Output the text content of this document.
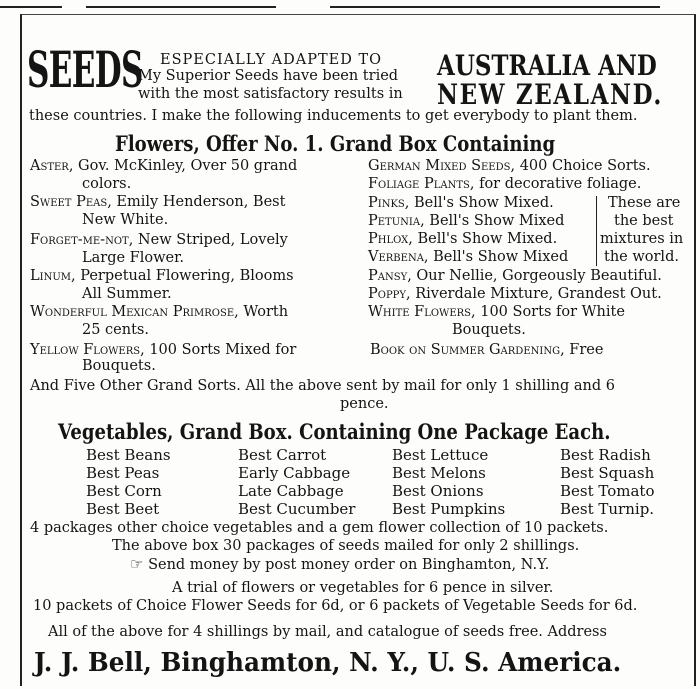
SEEDS ESPECIALLY ADAPTED TO
My Superior Seeds have been tried
with the most satisfactory results in
AUSTRALIA AND
NEW ZEALAND.
these countries. I make the following inducements to get everybody to plant them.
Flowers, Offer No. 1. Grand Box Containing
Aster, Gov. McKinley, Over 50 grand
colors.
Sweet Peas, Emily Henderson, Best
New White.
Forget-me-not, New Striped, Lovely
Large Flower.
Linum, Perpetual Flowering, Blooms
All Summer.
Wonderful Mexican Primrose, Worth
25 cents.
Yellow Flowers, 100 Sorts Mixed for
Bouquets.
German Mixed Seeds, 400 Choice Sorts.
Foliage Plants, for decorative foliage.
Pinks, Bell's Show Mixed.
Petunia, Bell's Show Mixed
Phlox, Bell's Show Mixed.
Verbena, Bell's Show Mixed
These are
the best
mixtures in
the world.
Pansy, Our Nellie, Gorgeously Beautiful.
Poppy, Riverdale Mixture, Grandest Out.
White Flowers, 100 Sorts for White
Bouquets.
Book on Summer Gardening, Free
And Five Other Grand Sorts. All the above sent by mail for only 1 shilling and 6
pence.
Vegetables, Grand Box. Containing One Package Each.
Best Beans
Best Peas
Best Corn
Best Beet
Best Carrot
Early Cabbage
Late Cabbage
Best Cucumber
Best Lettuce
Best Melons
Best Onions
Best Pumpkins
Best Radish
Best Squash
Best Tomato
Best Turnip.
4 packages other choice vegetables and a gem flower collection of 10 packets.
The above box 30 packages of seeds mailed for only 2 shillings.
☞ Send money by post money order on Binghamton, N.Y.
A trial of flowers or vegetables for 6 pence in silver.
10 packets of Choice Flower Seeds for 6d, or 6 packets of Vegetable Seeds for 6d.
All of the above for 4 shillings by mail, and catalogue of seeds free. Address
J. J. Bell, Binghamton, N. Y., U. S. America.
